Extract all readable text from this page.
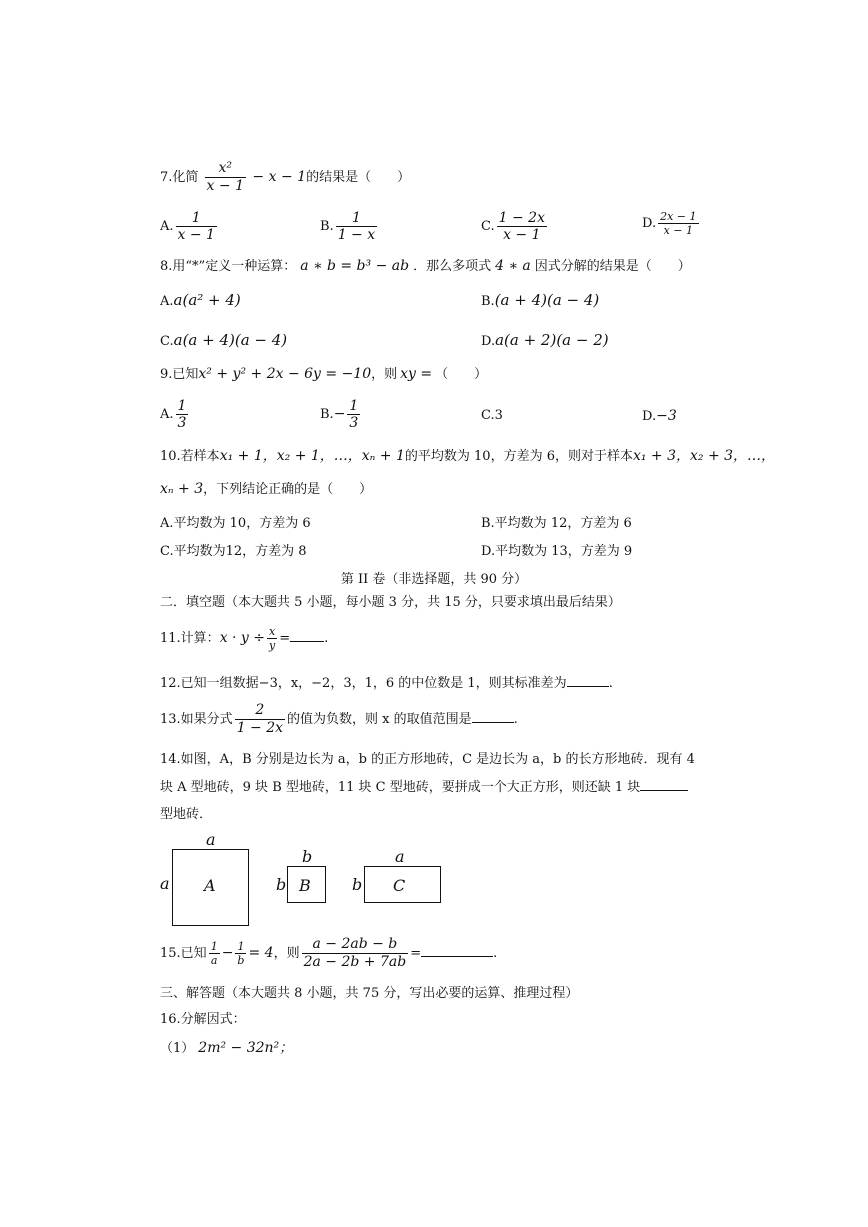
7.化简 $\frac{\text{x²}}{x - 1} - x - 1$的结果是（　　）
A. $\frac{1}{x - 1}$	B. $\frac{1}{1 - x}$	C. $\frac{1 - 2x}{x - 1}$	D. $\frac{2x - 1}{x - 1}$
8.用“*”定义一种运算： a ∗ b = b³ − ab ．那么多项式 4 ∗ a 因式分解的结果是（　　）
A.a(a² + 4)	B.(a + 4)(a − 4)
C.a(a + 4)(a − 4)	D.a(a + 2)(a − 2)
9.已知x² + y² + 2x − 6y = −10，则 xy = （　　）
A. $\frac{1}{3}$	$B.- \frac{1}{3}$	C.3	D.−3
10.若样本x₁ + 1，x₂ + 1，…，xₙ + 1的平均数为 10，方差为 6，则对于样本x₁ + 3，x₂ + 3，…，
xₙ + 3，下列结论正确的是（　　）
A.平均数为 10，方差为 6	B.平均数为 12，方差为 6
C.平均数为12，方差为 8	D.平均数为 13，方差为 9
第 II 卷（非选择题，共 90 分）
二．填空题（本大题共 5 小题，每小题 3 分，共 15 分，只要求填出最后结果）
11.计算：$x \cdot y \div \frac{x}{y}$ =	.
12.已知一组数据−3，x，−2，3，1，6 的中位数是 1，则其标准差为	.
13.如果分式 $\frac{2}{1 - 2x}$ 的值为负数，则 x 的取值范围是	.
14.如图，A，B 分别是边长为 a，b 的正方形地砖，C 是边长为 a，b 的长方形地砖．现有 4
块 A 型地砖，9 块 B 型地砖，11 块 C 型地砖，要拼成一个大正方形，则还缺 1 块
型地砖．
a
a A
b
b B
a
b C
15.已知 $\frac{1}{a} - \frac{1}{b} = 4$，则 $\frac{a - 2ab - b}{2a - 2b + 7ab}$ =	.
三、解答题（本大题共 8 小题，共 75 分，写出必要的运算、推理过程）
16.分解因式：
（1） 2m² − 32n²；
